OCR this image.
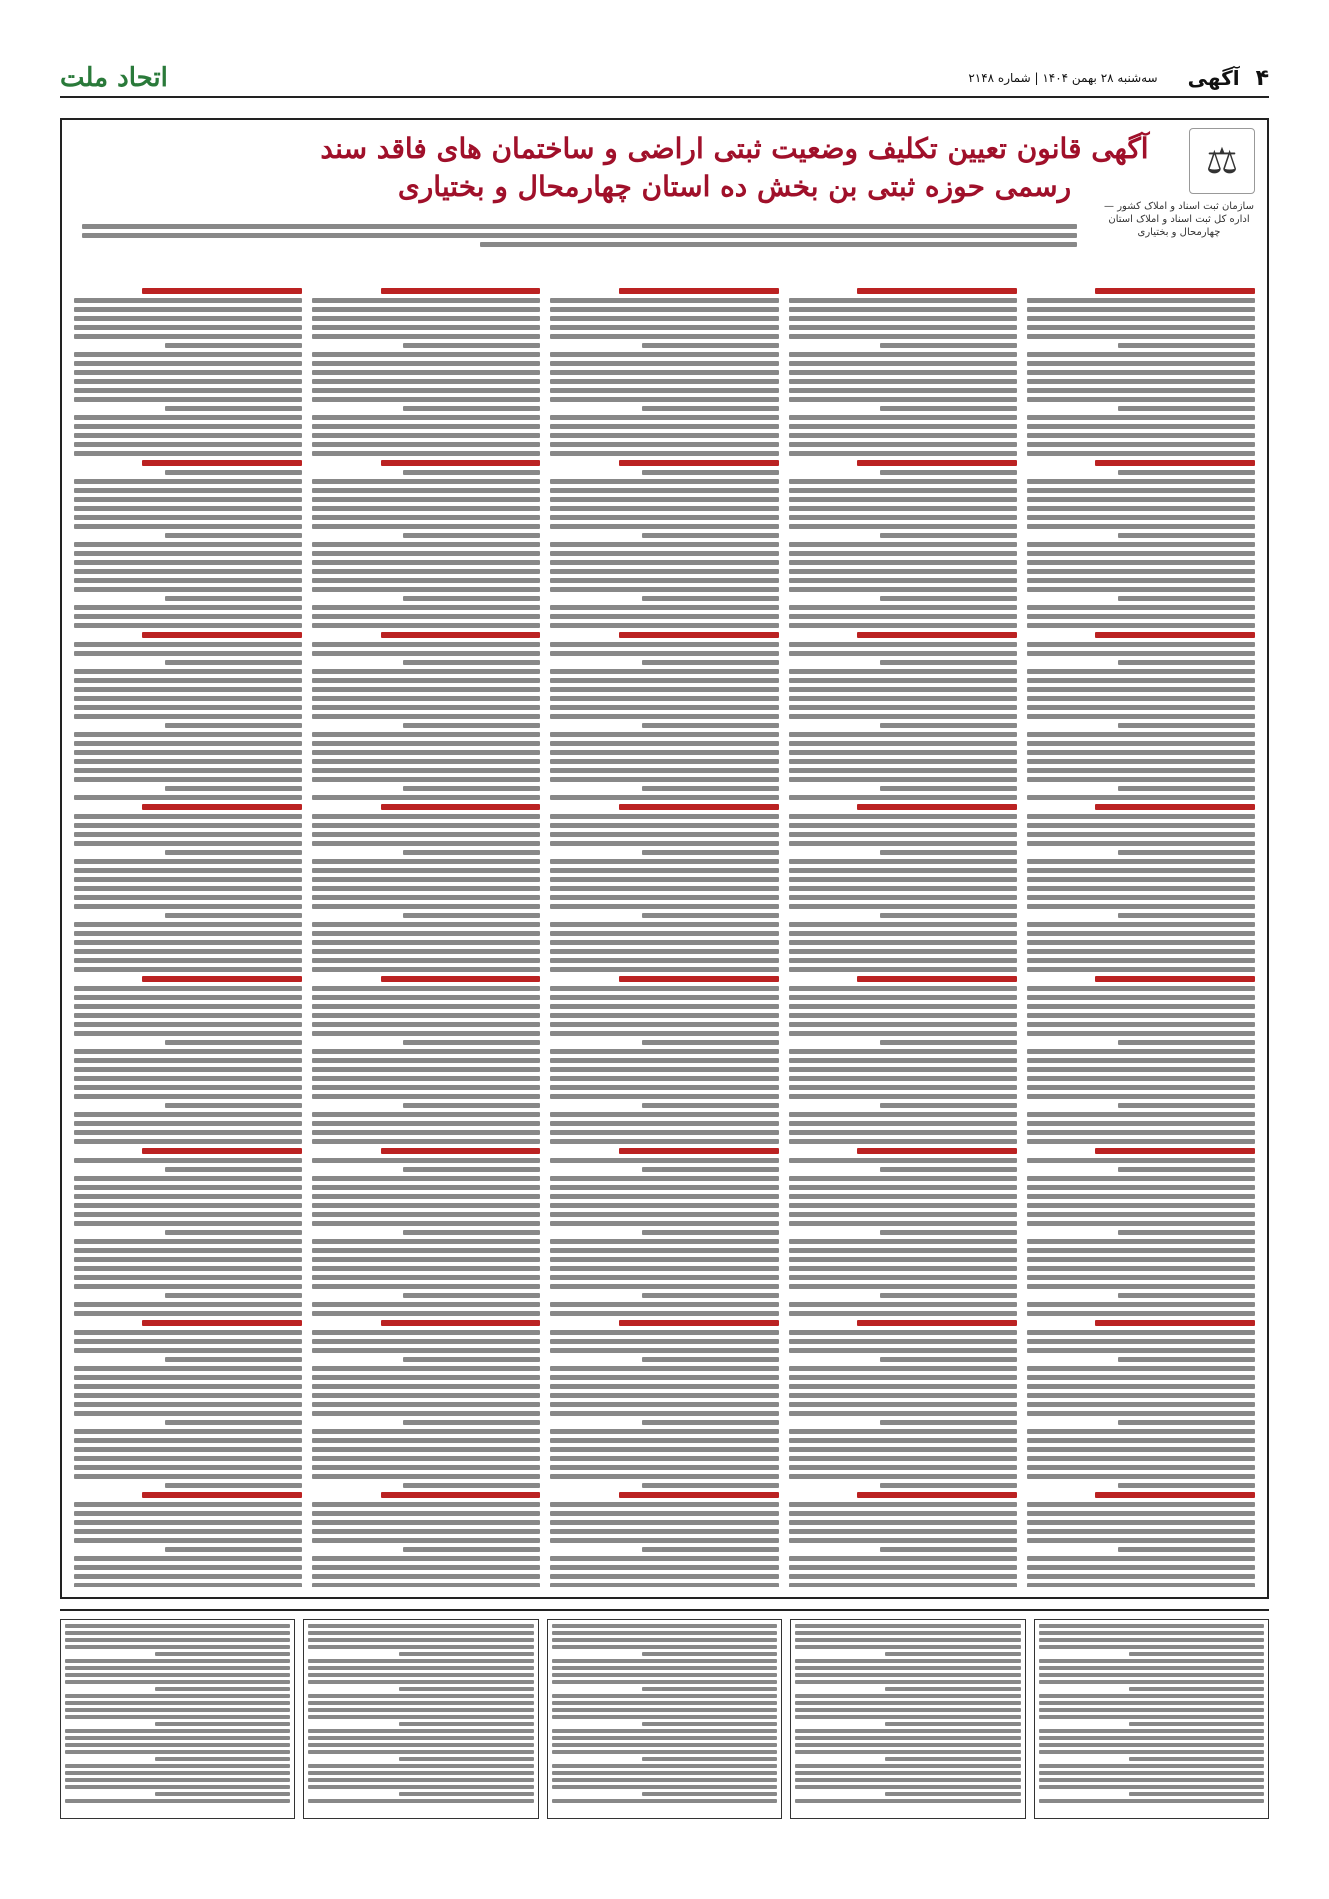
۴
آگهی
سه‌شنبه ۲۸ بهمن ۱۴۰۴ | شماره ۲۱۴۸
اتحاد ملت
⚖
سازمان ثبت اسناد و املاک کشور — اداره کل ثبت اسناد و املاک استان چهارمحال و بختیاری
آگهی قانون تعیین تکلیف وضعیت ثبتی اراضی و ساختمان های فاقد سند رسمی حوزه ثبتی بن بخش ده استان چهارمحال و بختیاری
